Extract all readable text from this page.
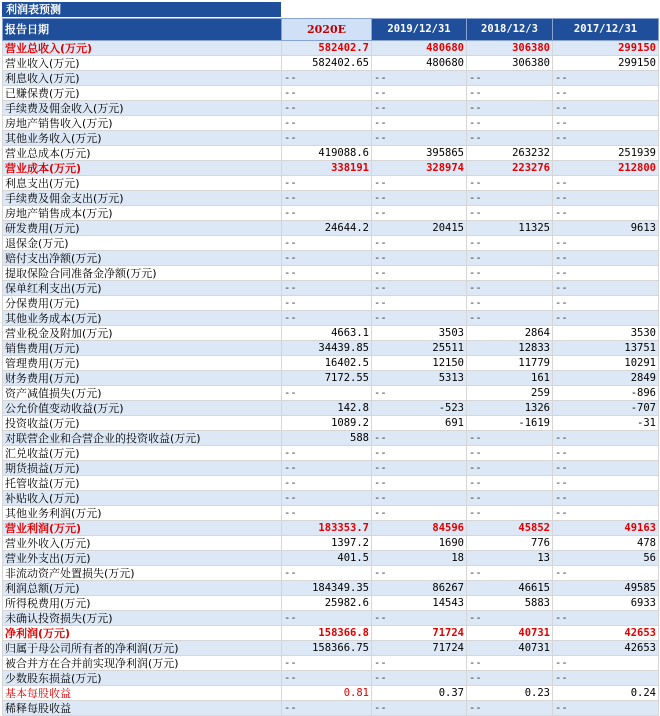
利润表预测
报告日期	2020E	2019/12/31	2018/12/3	2017/12/31
营业总收入(万元)	582402.7	480680	306380	299150
营业收入(万元)	582402.65	480680	306380	299150
利息收入(万元)	--	--	--	--
已赚保费(万元)	--	--	--	--
手续费及佣金收入(万元)	--	--	--	--
房地产销售收入(万元)	--	--	--	--
其他业务收入(万元)	--	--	--	--
营业总成本(万元)	419088.6	395865	263232	251939
营业成本(万元)	338191	328974	223276	212800
利息支出(万元)	--	--	--	--
手续费及佣金支出(万元)	--	--	--	--
房地产销售成本(万元)	--	--	--	--
研发费用(万元)	24644.2	20415	11325	9613
退保金(万元)	--	--	--	--
赔付支出净额(万元)	--	--	--	--
提取保险合同准备金净额(万元)	--	--	--	--
保单红利支出(万元)	--	--	--	--
分保费用(万元)	--	--	--	--
其他业务成本(万元)	--	--	--	--
营业税金及附加(万元)	4663.1	3503	2864	3530
销售费用(万元)	34439.85	25511	12833	13751
管理费用(万元)	16402.5	12150	11779	10291
财务费用(万元)	7172.55	5313	161	2849
资产减值损失(万元)	--	--	259	-896
公允价值变动收益(万元)	142.8	-523	1326	-707
投资收益(万元)	1089.2	691	-1619	-31
对联营企业和合营企业的投资收益(万元)	588	--	--	--
汇兑收益(万元)	--	--	--	--
期货损益(万元)	--	--	--	--
托管收益(万元)	--	--	--	--
补贴收入(万元)	--	--	--	--
其他业务利润(万元)	--	--	--	--
营业利润(万元)	183353.7	84596	45852	49163
营业外收入(万元)	1397.2	1690	776	478
营业外支出(万元)	401.5	18	13	56
非流动资产处置损失(万元)	--	--	--	--
利润总额(万元)	184349.35	86267	46615	49585
所得税费用(万元)	25982.6	14543	5883	6933
未确认投资损失(万元)	--	--	--	--
净利润(万元)	158366.8	71724	40731	42653
归属于母公司所有者的净利润(万元)	158366.75	71724	40731	42653
被合并方在合并前实现净利润(万元)	--	--	--	--
少数股东损益(万元)	--	--	--	--
基本每股收益	0.81	0.37	0.23	0.24
稀释每股收益	--	--	--	--
